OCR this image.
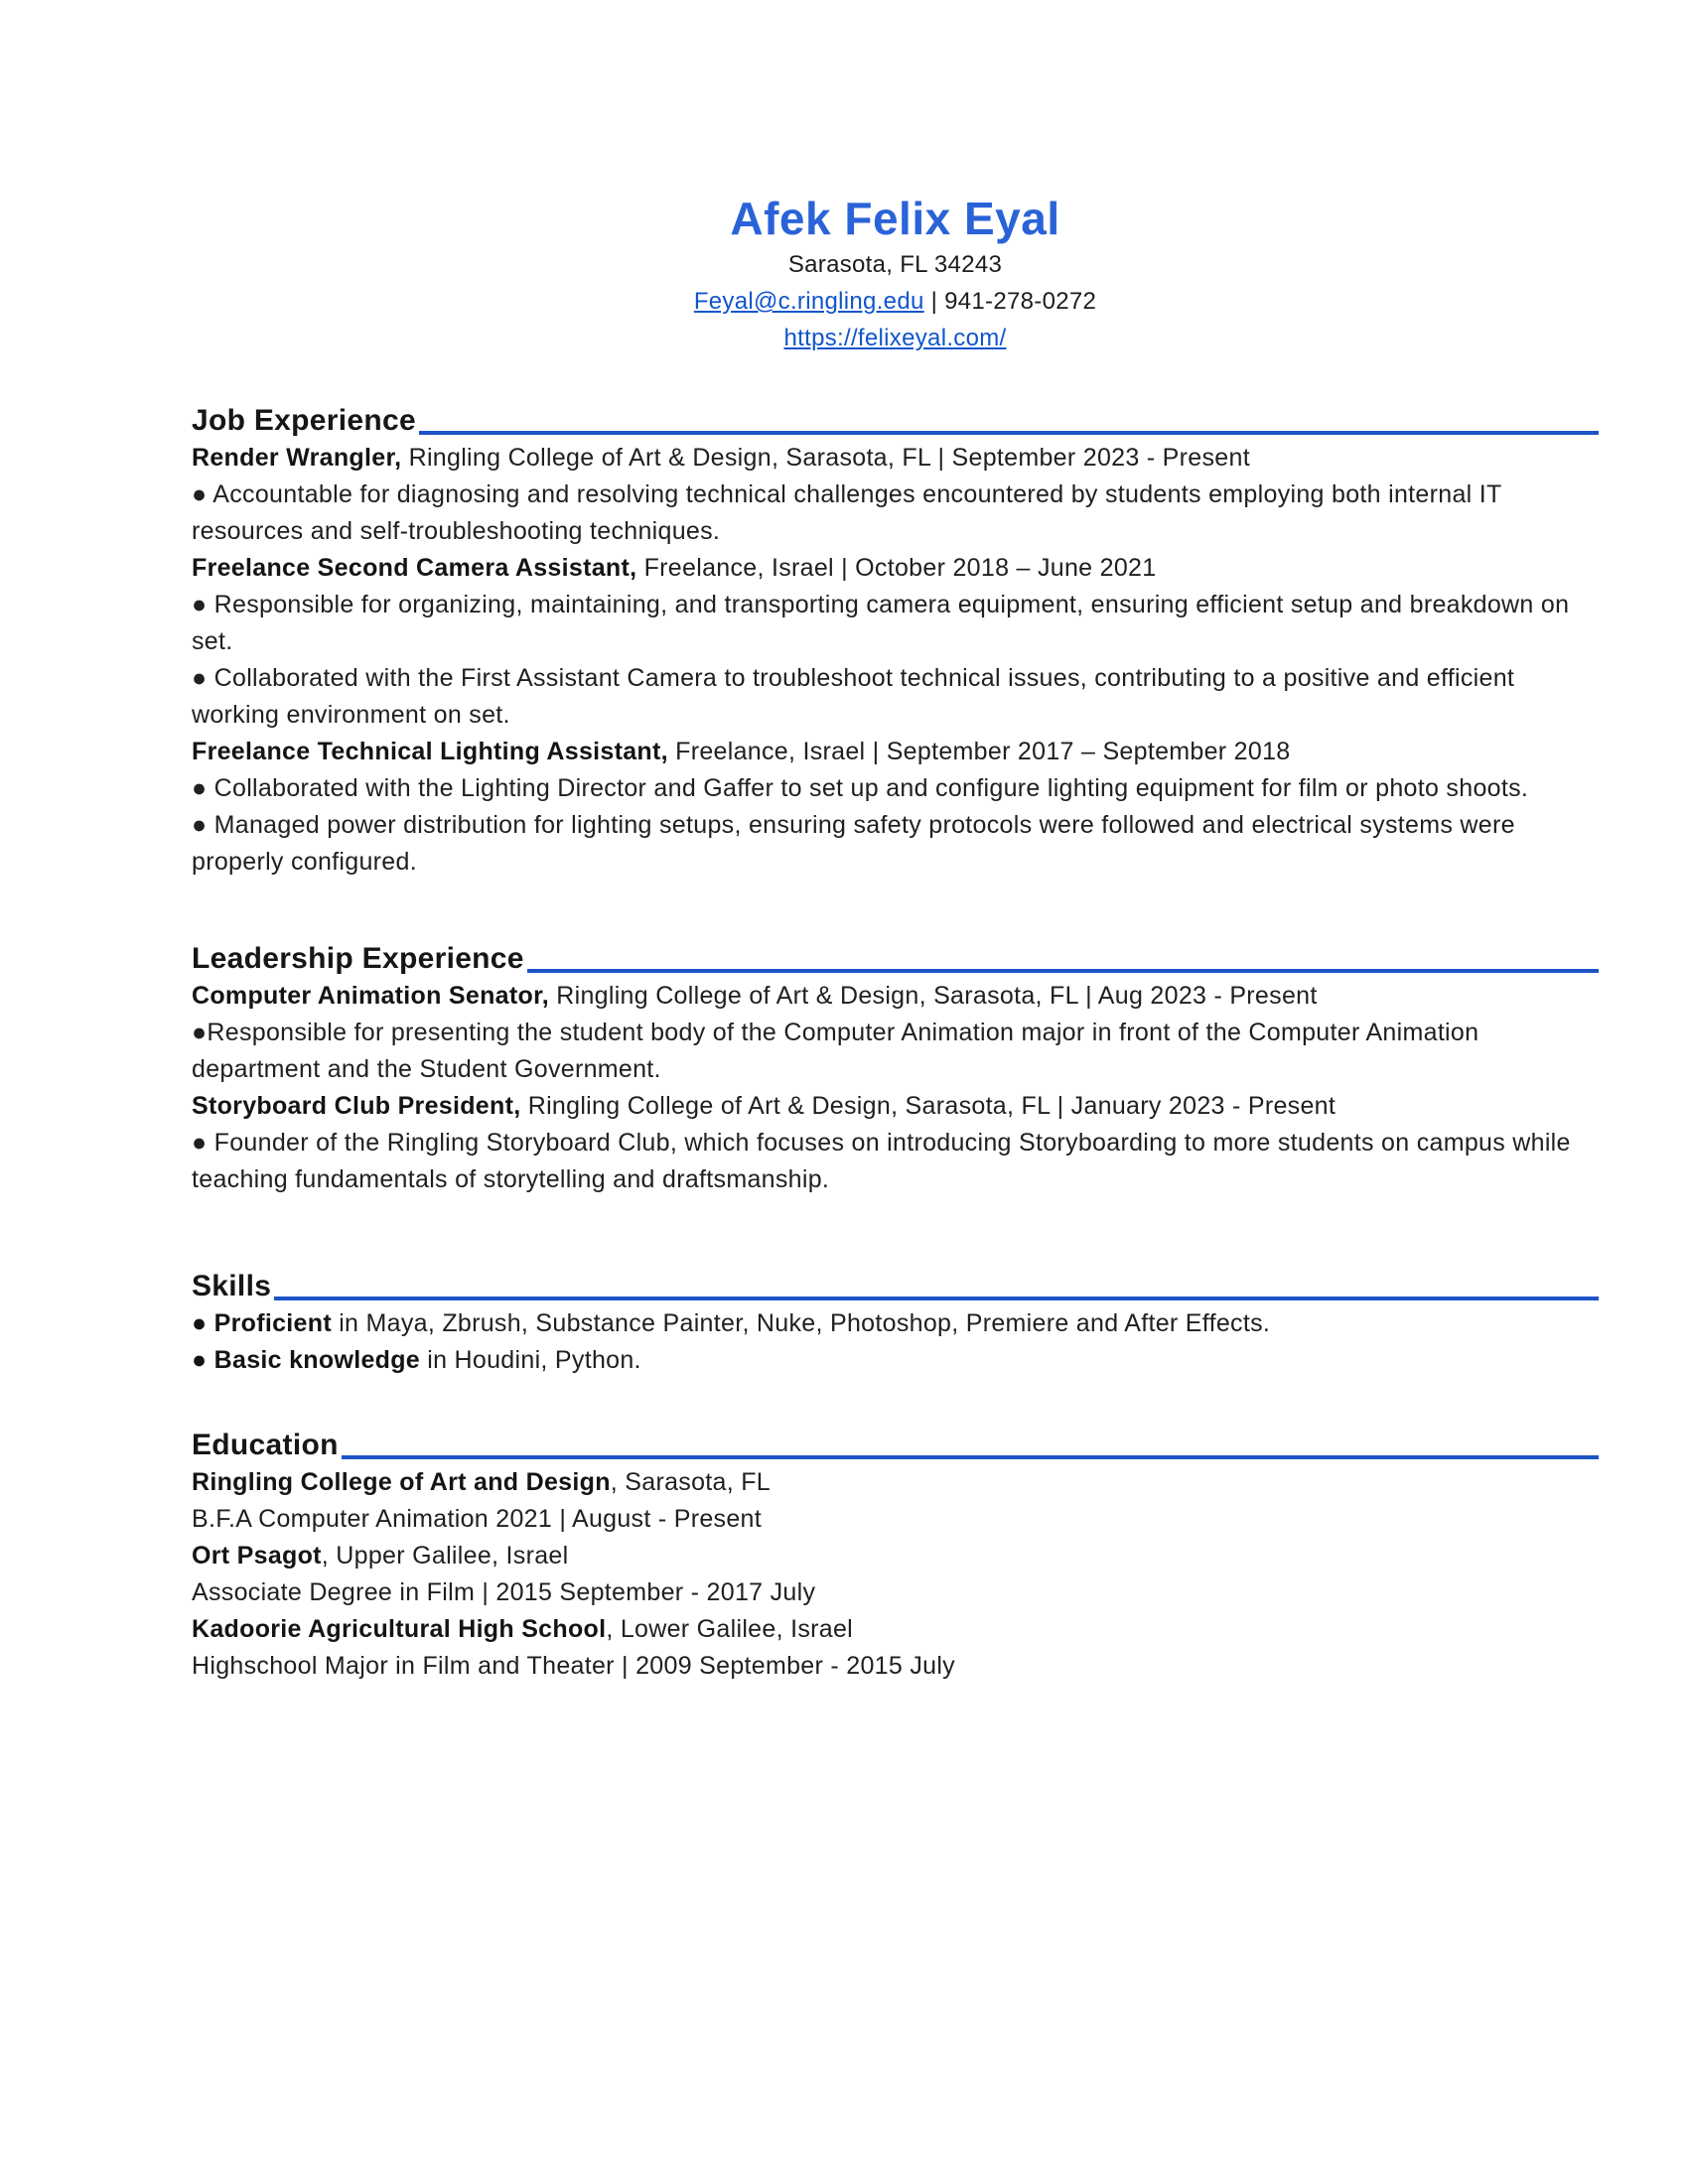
Afek Felix Eyal
Sarasota, FL 34243
Feyal@c.ringling.edu | 941-278-0272
https://felixeyal.com/
Job Experience

Render Wrangler, Ringling College of Art & Design, Sarasota, FL | September 2023 - Present

● Accountable for diagnosing and resolving technical challenges encountered by students employing both internal IT resources and self-troubleshooting techniques.

Freelance Second Camera Assistant, Freelance, Israel | October 2018 – June 2021

● Responsible for organizing, maintaining, and transporting camera equipment, ensuring efficient setup and breakdown on set.

● Collaborated with the First Assistant Camera to troubleshoot technical issues, contributing to a positive and efficient working environment on set.

Freelance Technical Lighting Assistant, Freelance, Israel | September 2017 – September 2018

● Collaborated with the Lighting Director and Gaffer to set up and configure lighting equipment for film or photo shoots.

● Managed power distribution for lighting setups, ensuring safety protocols were followed and electrical systems were properly configured.

Leadership Experience

Computer Animation Senator, Ringling College of Art & Design, Sarasota, FL | Aug 2023 - Present

●Responsible for presenting the student body of the Computer Animation major in front of the Computer Animation department and the Student Government.

Storyboard Club President, Ringling College of Art & Design, Sarasota, FL | January 2023 - Present

● Founder of the Ringling Storyboard Club, which focuses on introducing Storyboarding to more students on campus while teaching fundamentals of storytelling and draftsmanship.

Skills

● Proficient in Maya, Zbrush, Substance Painter, Nuke, Photoshop, Premiere and After Effects.

● Basic knowledge in Houdini, Python.

Education

Ringling College of Art and Design, Sarasota, FL

B.F.A Computer Animation 2021 | August - Present

Ort Psagot, Upper Galilee, Israel

Associate Degree in Film | 2015 September - 2017 July

Kadoorie Agricultural High School, Lower Galilee, Israel

Highschool Major in Film and Theater | 2009 September - 2015 July
